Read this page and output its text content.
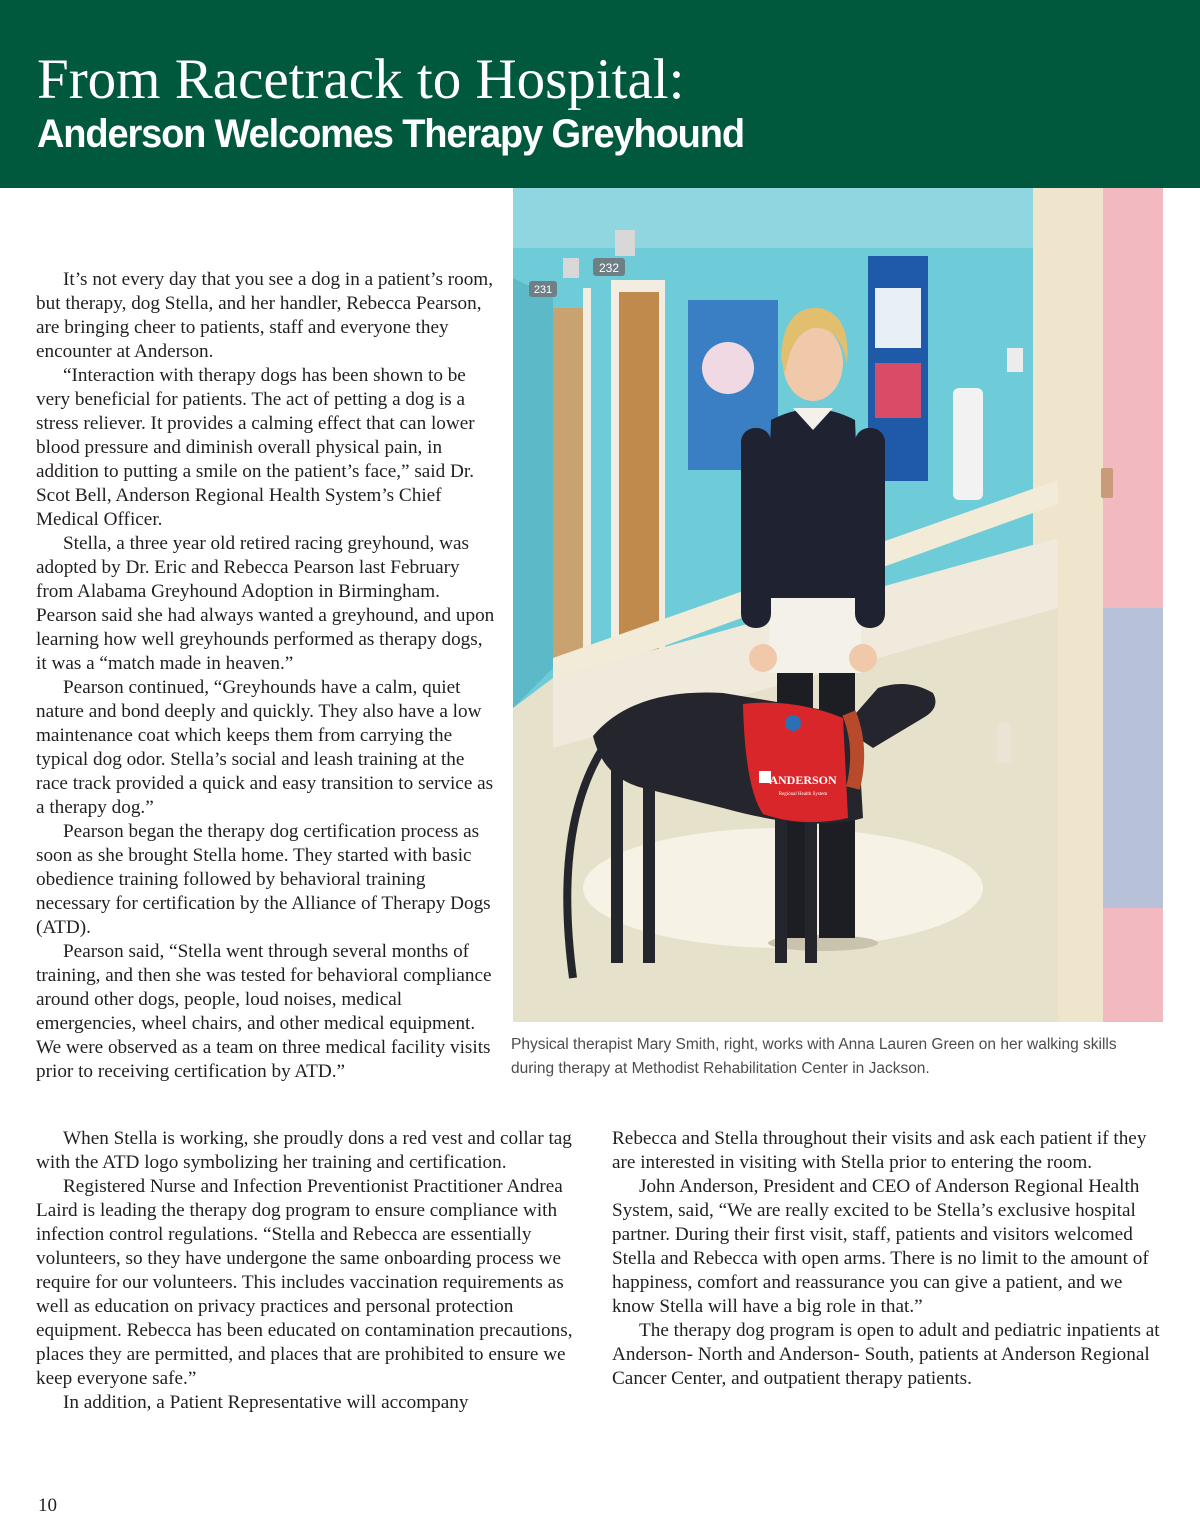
From Racetrack to Hospital:
Anderson Welcomes Therapy Greyhound

It’s not every day that you see a dog in a patient’s room, but therapy, dog Stella, and her handler, Rebecca Pearson, are bringing cheer to patients, staff and everyone they encounter at Anderson.

“Interaction with therapy dogs has been shown to be very beneficial for patients. The act of petting a dog is a stress reliever. It provides a calming effect that can lower blood pressure and diminish overall physical pain, in addition to putting a smile on the patient’s face,” said Dr. Scot Bell, Anderson Regional Health System’s Chief Medical Officer.

Stella, a three year old retired racing greyhound, was adopted by Dr. Eric and Rebecca Pearson last February from Alabama Greyhound Adoption in Birmingham. Pearson said she had always wanted a greyhound, and upon learning how well greyhounds performed as therapy dogs, it was a “match made in heaven.”

Pearson continued, “Greyhounds have a calm, quiet nature and bond deeply and quickly. They also have a low maintenance coat which keeps them from carrying the typical dog odor. Stella’s social and leash training at the race track provided a quick and easy transition to service as a therapy dog.”

Pearson began the therapy dog certification process as soon as she brought Stella home. They started with basic obedience training followed by behavioral training necessary for certification by the Alliance of Therapy Dogs (ATD).

Pearson said, “Stella went through several months of training, and then she was tested for behavioral compliance around other dogs, people, loud noises, medical emergencies, wheel chairs, and other medical equipment. We were observed as a team on three medical facility visits prior to receiving certification by ATD.”

231
232
ANDERSON
Regional Health System

Physical therapist Mary Smith, right, works with Anna Lauren Green on her walking skills during therapy at Methodist Rehabilitation Center in Jackson.

When Stella is working, she proudly dons a red vest and collar tag with the ATD logo symbolizing her training and certification.

Registered Nurse and Infection Preventionist Practitioner Andrea Laird is leading the therapy dog program to ensure compliance with infection control regulations. “Stella and Rebecca are essentially volunteers, so they have undergone the same onboarding process we require for our volunteers. This includes vaccination requirements as well as education on privacy practices and personal protection equipment. Rebecca has been educated on contamination precautions, places they are permitted, and places that are prohibited to ensure we keep everyone safe.”

In addition, a Patient Representative will accompany

Rebecca and Stella throughout their visits and ask each patient if they are interested in visiting with Stella prior to entering the room.

John Anderson, President and CEO of Anderson Regional Health System, said, “We are really excited to be Stella’s exclusive hospital partner. During their first visit, staff, patients and visitors welcomed Stella and Rebecca with open arms. There is no limit to the amount of happiness, comfort and reassurance you can give a patient, and we know Stella will have a big role in that.”

The therapy dog program is open to adult and pediatric inpatients at Anderson- North and Anderson- South, patients at Anderson Regional Cancer Center, and outpatient therapy patients.

10
